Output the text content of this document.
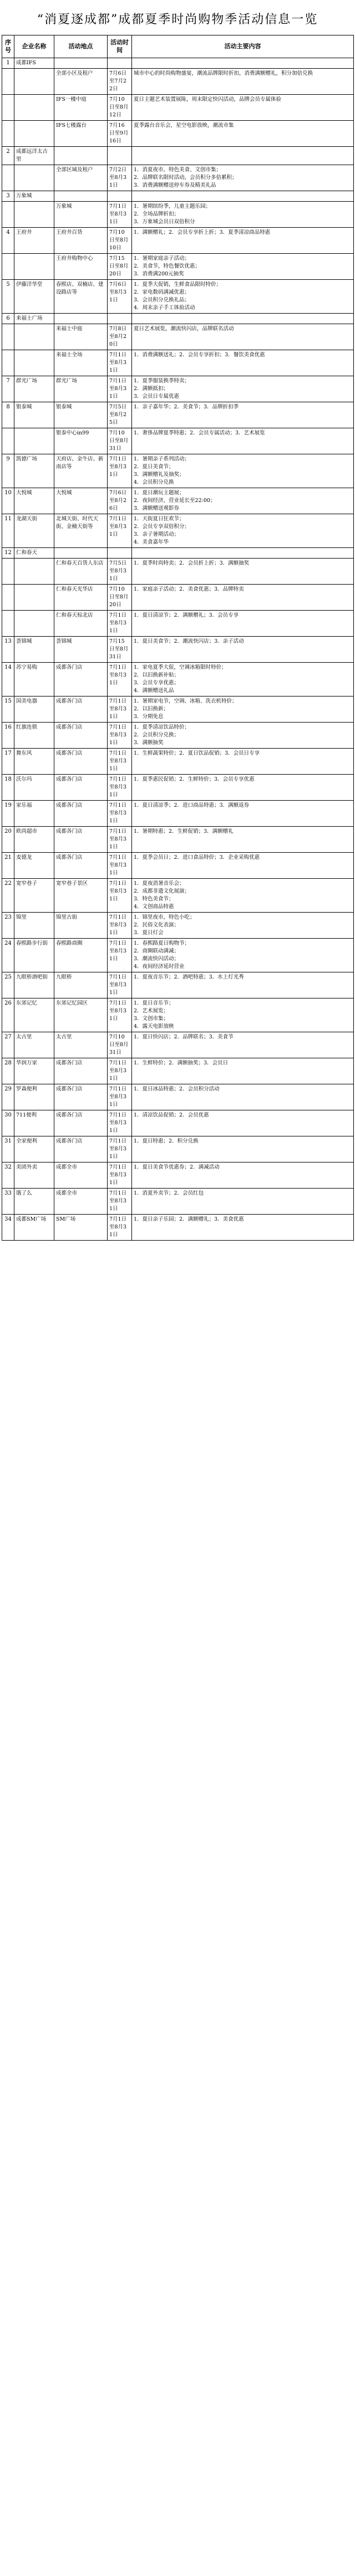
“消夏逐成都”成都夏季时尚购物季活动信息一览
序号	企业名称	活动地点	活动时间	活动主要内容
1	成都IFS			
		全部小区及租户	7月6日至7月22日	城市中心的时尚购物盛宴，潮流品牌限时折扣，消费满额赠礼，积分加倍兑换
		IFS一楼中庭	7月10日至8月12日	夏日主题艺术装置展陈，周末限定快闪活动，品牌会员专属体验
		IFS七楼露台	7月16日至9月16日	夏季露台音乐会，星空电影放映，潮流市集
2	成都远洋太古里			
		全部区域及租户	7月2日至8月31日	1．消夏夜市，特色美食、文创市集；
2．品牌联名限时活动，会员积分多倍累积；
3．消费满额赠送停车券及精美礼品
3	万象城			
		万象城	7月1日至8月31日	1．暑期缤纷季，儿童主题乐园；
2．全场品牌折扣；
3．万象城会员日双倍积分
4	王府井	王府井百货	7月10日至8月10日	1．满额赠礼；2．会员专享折上折；3．夏季清凉商品特惠
		王府井购物中心	7月15日至8月20日	1．暑期家庭亲子活动；
2．美食节，特色餐饮优惠；
3．消费满200元抽奖
5	伊藤洋华堂	春熙店、双楠店、建设路店等	7月6日至8月31日	1．夏季大促销，生鲜食品限时特价；
2．家电数码满减优惠；
3．会员积分兑换礼品；
4．周末亲子手工体验活动
6	来福士广场			
		来福士中庭	7月8日至8月20日	夏日艺术展览，潮流快闪店，品牌联名活动
		来福士全场	7月1日至8月31日	1．消费满额送礼；2．会员专享折扣；3．餐饮美食优惠
7	群光广场	群光广场	7月1日至8月31日	1．夏季服装换季特卖；
2．满额抵扣；
3．会员日专属优惠
8	银泰城	银泰城	7月5日至8月25日	1．亲子嘉年华；2．美食节；3．品牌折扣季
		银泰中心in99	7月10日至8月31日	1．奢侈品牌夏季特惠；2．会员专属活动；3．艺术展览
9	凯德广场	天府店、金牛店、新南店等	7月1日至8月31日	1．暑期亲子系列活动；
2．夏日美食节；
3．满额赠礼及抽奖；
4．会员积分兑换
10	大悦城	大悦城	7月6日至8月26日	1．夏日潮玩主题展；
2．夜间经济，营业延长至22:00；
3．满额赠送观影券
11	龙湖天街	北城天街、时代天街、金楠天街等	7月1日至8月31日	1．天街夏日狂欢节；
2．会员专享双倍积分；
3．亲子暑期活动；
4．美食嘉年华
12	仁和春天			
		仁和春天百货人东店	7月5日至8月31日	1．夏季时尚特卖；2．会员折上折；3．满额抽奖
		仁和春天光华店	7月10日至8月20日	1．家庭亲子活动；2．美食优惠；3．品牌特卖
		仁和春天棕北店	7月1日至8月31日	1．夏日清凉节；2．满额赠礼；3．会员专享
13	荟锦城	荟锦城	7月15日至8月31日	1．夏日美食节；2．潮流快闪店；3．亲子活动
14	苏宁易购	成都各门店	7月1日至8月31日	1．家电夏季大促，空调冰箱限时特价；
2．以旧换新补贴；
3．会员专享优惠；
4．满额赠送礼品
15	国美电器	成都各门店	7月1日至8月31日	1．暑期家电节，空调、冰箱、洗衣机特价；
2．以旧换新；
3．分期免息
16	红旗连锁	成都各门店	7月1日至8月31日	1．夏季清凉饮品特价；
2．会员积分兑换；
3．满额抽奖
17	舞东风	成都各门店	7月1日至8月31日	1．生鲜蔬果特价；2．夏日饮品促销；3．会员日专享
18	沃尔玛	成都各门店	7月1日至8月31日	1．夏季惠民促销；2．生鲜特价；3．会员专享优惠
19	家乐福	成都各门店	7月1日至8月31日	1．夏日清凉季；2．进口商品特惠；3．满额返券
20	欧尚超市	成都各门店	7月1日至8月31日	1．暑期特惠；2．生鲜促销；3．满额赠礼
21	麦德龙	成都各门店	7月1日至8月31日	1．夏季会员日；2．进口食品特价；3．企业采购优惠
22	宽窄巷子	宽窄巷子景区	7月1日至8月31日	1．夏夜消暑音乐会；
2．成都非遗文化展演；
3．特色美食节；
4．文创商品特惠
23	锦里	锦里古街	7月1日至8月31日	1．锦里夜市，特色小吃；
2．民俗文化表演；
3．夏日灯会
24	春熙路步行街	春熙路商圈	7月1日至8月31日	1．春熙路夏日购物节；
2．商圈联动满减；
3．潮流快闪活动；
4．夜间经济延时营业
25	九眼桥酒吧街	九眼桥	7月1日至8月31日	1．夏夜音乐节；2．酒吧特惠；3．水上灯光秀
26	东郊记忆	东郊记忆园区	7月1日至8月31日	1．夏日音乐节；
2．艺术展览；
3．文创市集；
4．露天电影放映
27	太古里	太古里	7月10日至8月31日	1．夏日快闪店；2．品牌联名；3．美食节
28	华润万家	成都各门店	7月1日至8月31日	1．生鲜特价；2．满额抽奖；3．会员日
29	罗森便利	成都各门店	7月1日至8月31日	1．夏日冰品特惠；2．会员积分活动
30	711便利	成都各门店	7月1日至8月31日	1．清凉饮品促销；2．会员优惠
31	全家便利	成都各门店	7月1日至8月31日	1．夏日特惠；2．积分兑换
32	美团外卖	成都全市	7月1日至8月31日	1．夏日美食节优惠券；2．满减活动
33	饿了么	成都全市	7月1日至8月31日	1．消夏外卖节；2．会员红包
34	成都SM广场	SM广场	7月1日至8月31日	1．夏日亲子乐园；2．满额赠礼；3．美食优惠
